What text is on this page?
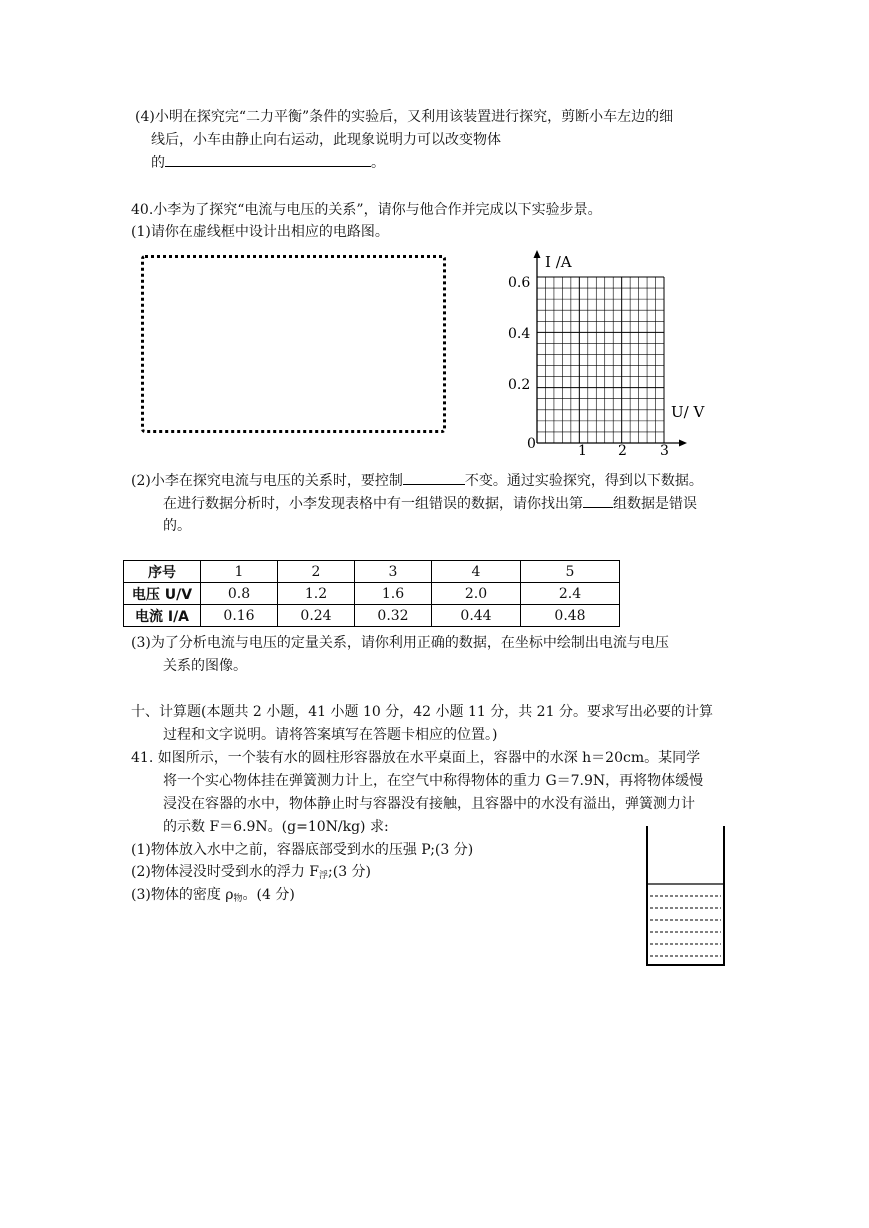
(4)小明在探究完“二力平衡”条件的实验后，又利用该装置进行探究，剪断小车左边的细
线后，小车由静止向右运动，此现象说明力可以改变物体
的	。
40.小李为了探究“电流与电压的关系”，请你与他合作并完成以下实验步景。
(1)请你在虚线框中设计出相应的电路图。
I /A
U/ V
0
0.2
0.4
0.6
1 2 3
(2)小李在探究电流与电压的关系时，要控制	不变。通过实验探究，得到以下数据。
在进行数据分析时，小李发现表格中有一组错误的数据，请你找出第 组数据是错误
的。
序号	1	2	3	4	5
电压 U/V	0.8	1.2	1.6	2.0	2.4
电流 I/A	0.16	0.24	0.32	0.44	0.48
(3)为了分析电流与电压的定量关系，请你利用正确的数据，在坐标中绘制出电流与电压
关系的图像。
十、计算题(本题共 2 小题，41 小题 10 分，42 小题 11 分，共 21 分。要求写出必要的计算
过程和文字说明。请将答案填写在答题卡相应的位置。)
41. 如图所示，一个装有水的圆柱形容器放在水平桌面上，容器中的水深 h＝20cm。某同学
将一个实心物体挂在弹簧测力计上，在空气中称得物体的重力 G＝7.9N，再将物体缓慢
浸没在容器的水中，物体静止时与容器没有接触，且容器中的水没有溢出，弹簧测力计
的示数 F＝6.9N。(g=10N/kg) 求:
(1)物体放入水中之前，容器底部受到水的压强 P;(3 分)
(2)物体浸没时受到水的浮力 $F_浮;(3$ 分)
(3)物体的密度 $\rho_物$。(4 分)
